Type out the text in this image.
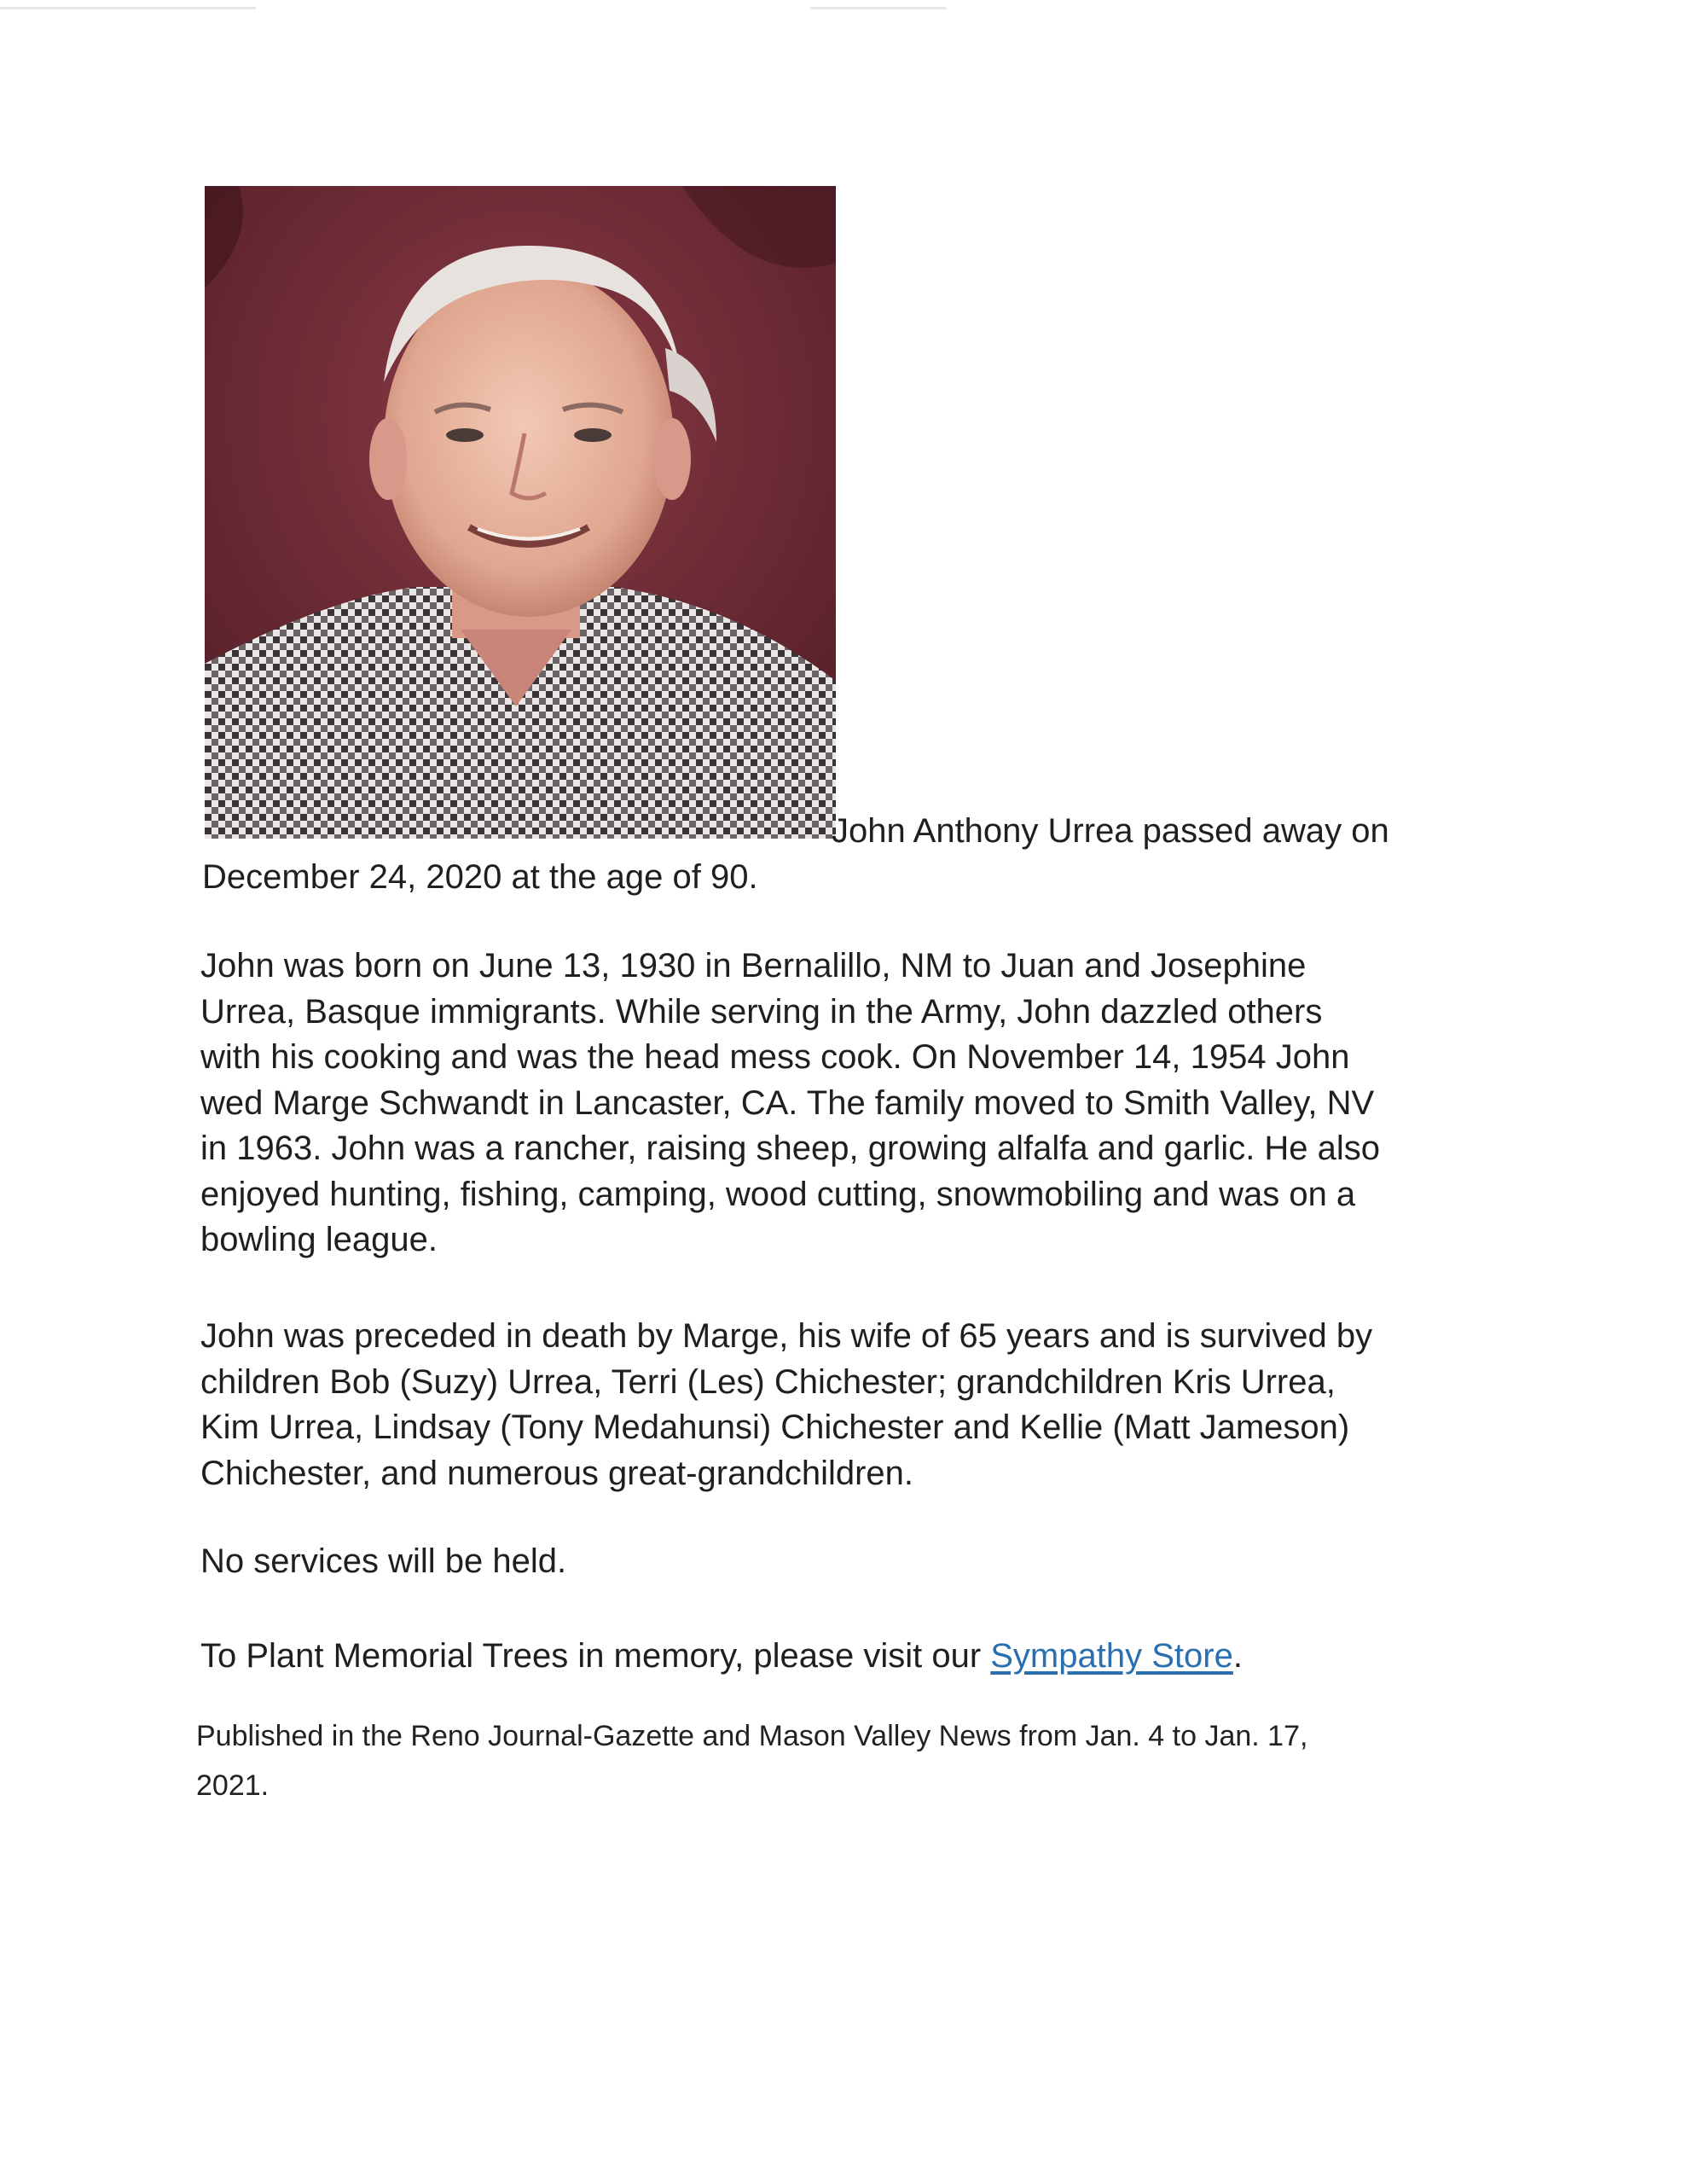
John Anthony Urrea passed away on
December 24, 2020 at the age of 90.
John was born on June 13, 1930 in Bernalillo, NM to Juan and Josephine
Urrea, Basque immigrants. While serving in the Army, John dazzled others
with his cooking and was the head mess cook. On November 14, 1954 John
wed Marge Schwandt in Lancaster, CA. The family moved to Smith Valley, NV
in 1963. John was a rancher, raising sheep, growing alfalfa and garlic. He also
enjoyed hunting, fishing, camping, wood cutting, snowmobiling and was on a
bowling league.
John was preceded in death by Marge, his wife of 65 years and is survived by
children Bob (Suzy) Urrea, Terri (Les) Chichester; grandchildren Kris Urrea,
Kim Urrea, Lindsay (Tony Medahunsi) Chichester and Kellie (Matt Jameson)
Chichester, and numerous great-grandchildren.
No services will be held.
To Plant Memorial Trees in memory, please visit our Sympathy Store.
Published in the Reno Journal-Gazette and Mason Valley News from Jan. 4 to Jan. 17,
2021.
